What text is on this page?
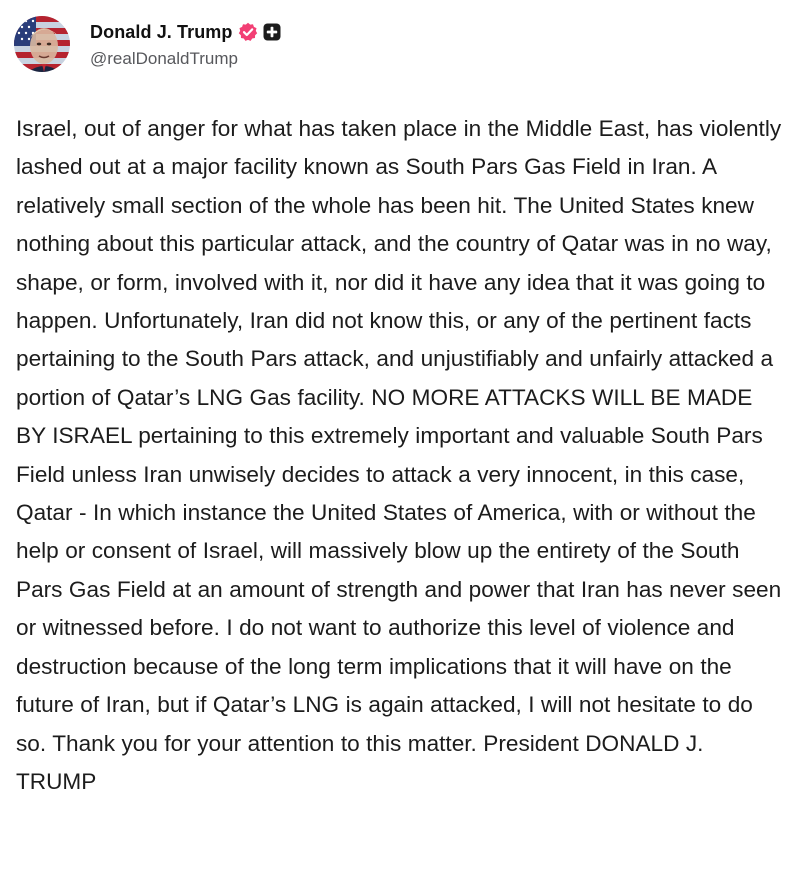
Donald J. Trump
@realDonaldTrump
Israel, out of anger for what has taken place in the Middle East, has violently lashed out at a major facility known as South Pars Gas Field in Iran. A relatively small section of the whole has been hit. The United States knew nothing about this particular attack, and the country of Qatar was in no way, shape, or form, involved with it, nor did it have any idea that it was going to happen. Unfortunately, Iran did not know this, or any of the pertinent facts pertaining to the South Pars attack, and unjustifiably and unfairly attacked a portion of Qatar’s LNG Gas facility. NO MORE ATTACKS WILL BE MADE BY ISRAEL pertaining to this extremely important and valuable South Pars Field unless Iran unwisely decides to attack a very innocent, in this case, Qatar - In which instance the United States of America, with or without the help or consent of Israel, will massively blow up the entirety of the South Pars Gas Field at an amount of strength and power that Iran has never seen or witnessed before. I do not want to authorize this level of violence and destruction because of the long term implications that it will have on the future of Iran, but if Qatar’s LNG is again attacked, I will not hesitate to do so. Thank you for your attention to this matter. President DONALD J. TRUMP
